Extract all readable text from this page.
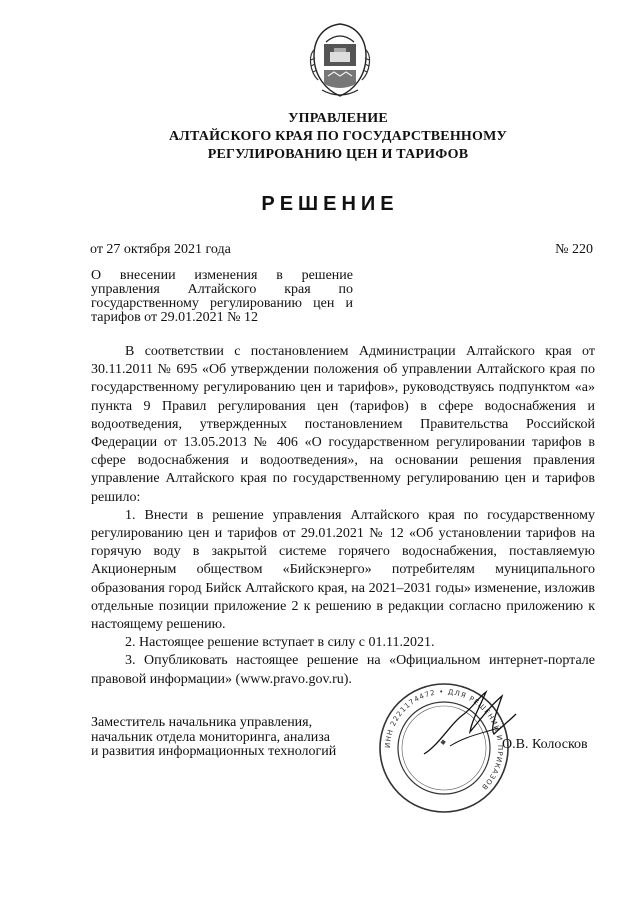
УПРАВЛЕНИЕ
АЛТАЙСКОГО КРАЯ ПО ГОСУДАРСТВЕННОМУ
РЕГУЛИРОВАНИЮ ЦЕН И ТАРИФОВ
РЕШЕНИЕ
от 27 октября 2021 года	№ 220
О внесении изменения в решение управления Алтайского края по государственному регулированию цен и тарифов от 29.01.2021 № 12

В соответствии с постановлением Администрации Алтайского края от 30.11.2011 № 695 «Об утверждении положения об управлении Алтайского края по государственному регулированию цен и тарифов», руководствуясь подпунктом «а» пункта 9 Правил регулирования цен (тарифов) в сфере водоснабжения и водоотведения, утвержденных постановлением Правительства Российской Федерации от 13.05.2013 № 406 «О государственном регулировании тарифов в сфере водоснабжения и водоотведения», на основании решения правления управление Алтайского края по государственному регулированию цен и тарифов решило:

1. Внести в решение управления Алтайского края по государственному регулированию цен и тарифов от 29.01.2021 № 12 «Об установлении тарифов на горячую воду в закрытой системе горячего водоснабжения, поставляемую Акционерным обществом «Бийскэнерго» потребителям муниципального образования город Бийск Алтайского края, на 2021–2031 годы» изменение, изложив отдельные позиции приложение 2 к решению в редакции согласно приложению к настоящему решению.

2. Настоящее решение вступает в силу с 01.11.2021.

3. Опубликовать настоящее решение на «Официальном интернет-портале правовой информации» (www.pravo.gov.ru).

Заместитель начальника управления,
начальник отдела мониторинга, анализа
и развития информационных технологий	ИНН 2221174472 • ДЛЯ РЕШЕНИЙ И ПРИКАЗОВ
◆	О.В. Колосков
